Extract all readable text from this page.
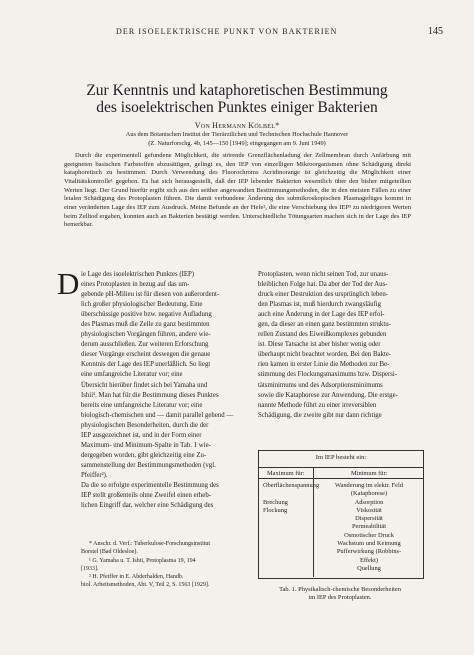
DER ISOELEKTRISCHE PUNKT VON BAKTERIEN	145
Zur Kenntnis und kataphoretischen Bestimmung
des isoelektrischen Punktes einiger Bakterien
Von Hermann Kölbel*
Aus dem Botanischen Institut der Tierärztlichen und Technischen Hochschule Hannover
(Z. Naturforschg. 4b, 145—150 [1949]; eingegangen am 9. Juni 1949)

Durch die experimentell gefundene Möglichkeit, die störende Grenzflächenladung der Zellmembran durch Anfärbung mit geeigneten basischen Farbstoffen abzusättigen, gelingt es, den IEP von einzelligen Mikroorganismen ohne Schädigung direkt kataphoretisch zu bestimmen. Durch Verwendung des Fluorochroms Acridinorange ist gleichzeitig die Möglichkeit einer Vitalitätskontrolle¹ gegeben. Es hat sich herausgestellt, daß der IEP lebender Bakterien wesentlich über den bisher mitgeteilten Werten liegt. Der Grund hierfür ergibt sich aus den seither angewandten Bestimmungsmethoden, die in den meisten Fällen zu einer letalen Schädigung des Protoplasten führen. Die damit verbundene Änderung des submikroskopischen Plasmagefüges kommt in einer veränderten Lage des IEP zum Ausdruck. Meine Befunde an der Hefe², die eine Verschiebung des IEP³ zu niedrigeren Werten beim Zelltod ergaben, konnten auch an Bakterien bestätigt werden. Unterschiedliche Tötungsarten machen sich in der Lage des IEP bemerkbar.

D ie Lage des isoelektrischen Punktes (IEP)
eines Protoplasten in bezug auf das um-
gebende pH-Milieu ist für diesen von außerordent-
lich großer physiologischer Bedeutung. Eine
überschüssige positive bzw. negative Aufladung
des Plasmas muß die Zelle zu ganz bestimmten
physiologischen Vorgängen führen, andere wie-
derum ausschließen. Zur weiteren Erforschung
dieser Vorgänge erscheint deswegen die genaue
Kenntnis der Lage des IEP unerläßlich. So liegt
eine umfangreiche Literatur vor; eine
Übersicht hierüber findet sich bei Yamaha und
Ishii¹. Man hat für die Bestimmung dieses Punktes
bereits eine umfangreiche Literatur vor; eine
biologisch-chemischen und — damit parallel gehend —
physiologischen Besonderheiten, durch die der
IEP ausgezeichnet ist, und in der Form einer
Maximum- und Minimum-Spalte in Tab. 1 wie-
dergegeben worden, gibt gleichzeitig eine Zu-
sammenstellung der Bestimmungsmethoden (vgl.
Pfeiffer²).
Da die so erfolgte experimentelle Bestimmung des
IEP stellt großenteils ohne Zweifel einen erheb-
lichen Eingriff dar, welcher eine Schädigung des
* Anschr. d. Verf.: Tuberkulose-Forschungsinstitut
Borstel (Bad Oldesloe).
¹ G. Yamaha u. T. Ishii, Protoplasma 19, 194
[1933].
² H. Pfeiffer in E. Abderhalden, Handb.
biol. Arbeitsmethoden, Abt. V, Teil 2, S. 1563 [1929].
Protoplasten, wenn nicht seinen Tod, zur unaus-
bleiblichen Folge hat. Da aber der Tod der Aus-
druck einer Destruktion des ursprünglich leben-
den Plasmas ist, muß hierdurch zwangsläufig
auch eine Änderung in der Lage des IEP erfol-
gen, da dieser an einen ganz bestimmten struktu-
rellen Zustand des Eiweißkomplexes gebunden
ist. Diese Tatsache ist aber bisher wenig oder
überhaupt nicht beachtet worden. Bei den Bakte-
rien kamen in erster Linie die Methoden zur Be-
stimmung des Flockungsmaximums bzw. Dispersi-
tätsminimums und des Adsorptionsminimums
sowie die Kataphorese zur Anwendung. Die erstge-
nannte Methode führt zu einer irreversiblen
Schädigung, die zweite gibt nur dann richtige
Im IEP besteht ein:
Maximum für:	Minimum für:
Oberflächenspannung
Brechung
Flockung
Wanderung im elektr. Feld
(Kataphorese)
Adsorption
Viskosität
Dispersität
Permeabilität
Osmotischer Druck
Wachstum und Keimung
Pufferwirkung (Robbins-
Effekt)
Quellung
Tab. 1. Physikalisch-chemische Besonderheiten
im IEP des Protoplasten.
